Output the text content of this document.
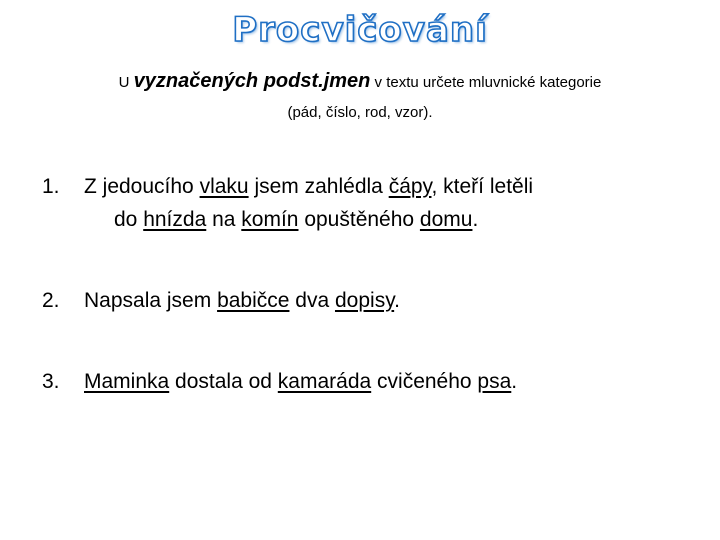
Procvičování
U vyznačených podst.jmen v textu určete mluvnické kategorie
(pád, číslo, rod, vzor).
1. Z jedoucího vlaku jsem zahlédla čápy, kteří letěli
do hnízda na komín opuštěného domu.
2. Napsala jsem babičce dva dopisy.
3. Maminka dostala od kamaráda cvičeného psa.
